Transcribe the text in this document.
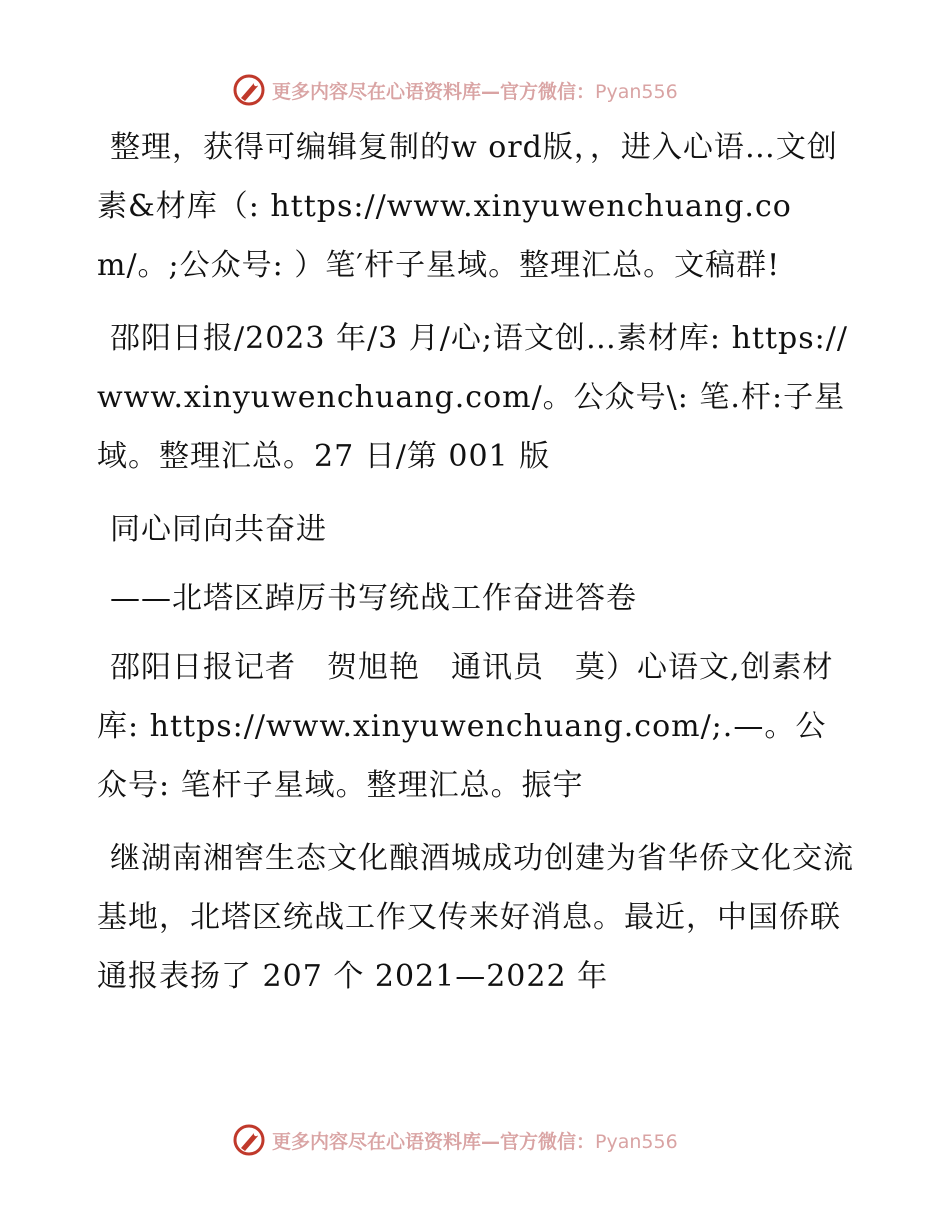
更多内容尽在心语资料库—官方微信：Pyan556

整理，获得可编辑复制的w ord版，，进入心语…文创素&材库（: https://www.xinyuwenchuang.com/。;公众号: ）笔′杆子星域。整理汇总。文稿群!

邵阳日报/2023 年/3 月/心;语文创…素材库: https://www.xinyuwenchuang.com/。公众号\: 笔.杆:子星域。整理汇总。27 日/第 001 版

同心同向共奋进

——北塔区踔厉书写统战工作奋进答卷

邵阳日报记者　贺旭艳　通讯员　莫）心语文,创素材库: https://www.xinyuwenchuang.com/;.—。公众号: 笔杆子星域。整理汇总。振宇

继湖南湘窖生态文化酿酒城成功创建为省华侨文化交流基地，北塔区统战工作又传来好消息。最近，中国侨联通报表扬了 207 个 2021—2022 年

更多内容尽在心语资料库—官方微信：Pyan556
